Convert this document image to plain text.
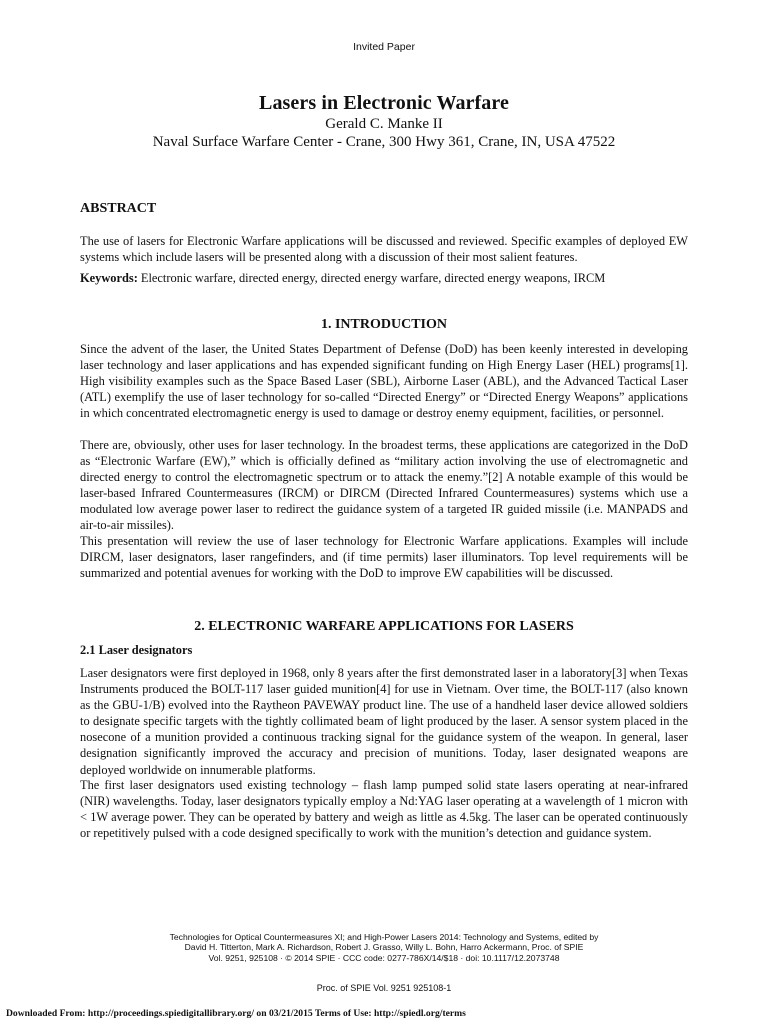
Invited Paper
Lasers in Electronic Warfare
Gerald C. Manke II
Naval Surface Warfare Center - Crane, 300 Hwy 361, Crane, IN, USA 47522
ABSTRACT

The use of lasers for Electronic Warfare applications will be discussed and reviewed. Specific examples of deployed EW systems which include lasers will be presented along with a discussion of their most salient features.

Keywords: Electronic warfare, directed energy, directed energy warfare, directed energy weapons, IRCM

1. INTRODUCTION

Since the advent of the laser, the United States Department of Defense (DoD) has been keenly interested in developing laser technology and laser applications and has expended significant funding on High Energy Laser (HEL) programs[1]. High visibility examples such as the Space Based Laser (SBL), Airborne Laser (ABL), and the Advanced Tactical Laser (ATL) exemplify the use of laser technology for so-called “Directed Energy” or “Directed Energy Weapons” applications in which concentrated electromagnetic energy is used to damage or destroy enemy equipment, facilities, or personnel.

There are, obviously, other uses for laser technology. In the broadest terms, these applications are categorized in the DoD as “Electronic Warfare (EW),” which is officially defined as “military action involving the use of electromagnetic and directed energy to control the electromagnetic spectrum or to attack the enemy.”[2] A notable example of this would be laser-based Infrared Countermeasures (IRCM) or DIRCM (Directed Infrared Countermeasures) systems which use a modulated low average power laser to redirect the guidance system of a targeted IR guided missile (i.e. MANPADS and air-to-air missiles).

This presentation will review the use of laser technology for Electronic Warfare applications. Examples will include DIRCM, laser designators, laser rangefinders, and (if time permits) laser illuminators. Top level requirements will be summarized and potential avenues for working with the DoD to improve EW capabilities will be discussed.

2. ELECTRONIC WARFARE APPLICATIONS FOR LASERS
2.1 Laser designators

Laser designators were first deployed in 1968, only 8 years after the first demonstrated laser in a laboratory[3] when Texas Instruments produced the BOLT-117 laser guided munition[4] for use in Vietnam. Over time, the BOLT-117 (also known as the GBU-1/B) evolved into the Raytheon PAVEWAY product line. The use of a handheld laser device allowed soldiers to designate specific targets with the tightly collimated beam of light produced by the laser. A sensor system placed in the nosecone of a munition provided a continuous tracking signal for the guidance system of the weapon. In general, laser designation significantly improved the accuracy and precision of munitions. Today, laser designated weapons are deployed worldwide on innumerable platforms.

The first laser designators used existing technology – flash lamp pumped solid state lasers operating at near-infrared (NIR) wavelengths. Today, laser designators typically employ a Nd:YAG laser operating at a wavelength of 1 micron with < 1W average power. They can be operated by battery and weigh as little as 4.5kg. The laser can be operated continuously or repetitively pulsed with a code designed specifically to work with the munition’s detection and guidance system.

Technologies for Optical Countermeasures XI; and High-Power Lasers 2014: Technology and Systems, edited by
David H. Titterton, Mark A. Richardson, Robert J. Grasso, Willy L. Bohn, Harro Ackermann, Proc. of SPIE
Vol. 9251, 925108 · © 2014 SPIE · CCC code: 0277-786X/14/$18 · doi: 10.1117/12.2073748
Proc. of SPIE Vol. 9251 925108-1
Downloaded From: http://proceedings.spiedigitallibrary.org/ on 03/21/2015 Terms of Use: http://spiedl.org/terms
